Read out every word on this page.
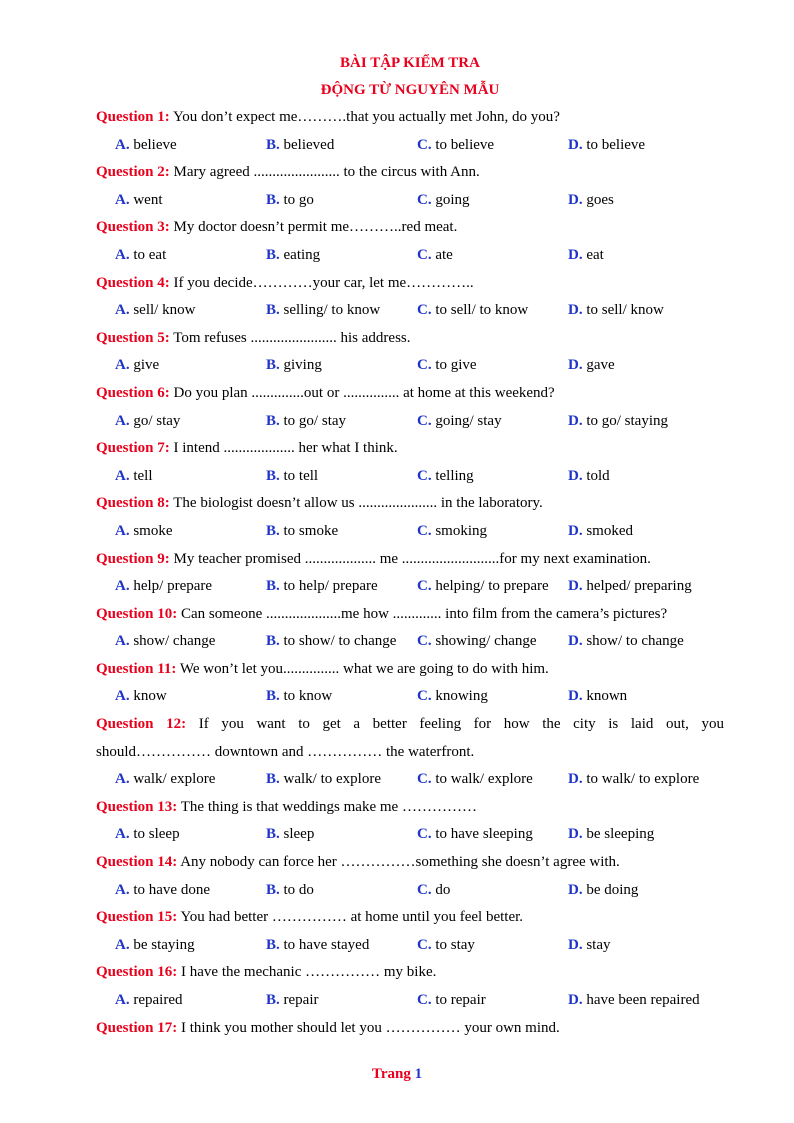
BÀI TẬP KIỂM TRA
ĐỘNG TỪ NGUYÊN MẪU
Question 1: You don’t expect me……….that you actually met John, do you?
A. believe	B. believed	C. to believe	D. to believe
Question 2: Mary agreed ....................... to the circus with Ann.
A. went	B. to go	C. going	D. goes
Question 3: My doctor doesn’t permit me………..red meat.
A. to eat	B. eating	C. ate	D. eat
Question 4: If you decide…………your car, let me…………..
A. sell/ know	B. selling/ to know	C. to sell/ to know	D. to sell/ know
Question 5: Tom refuses ....................... his address.
A. give	B. giving	C. to give	D. gave
Question 6: Do you plan ..............out or ............... at home at this weekend?
A. go/ stay	B. to go/ stay	C. going/ stay	D. to go/ staying
Question 7: I intend ................... her what I think.
A. tell	B. to tell	C. telling	D. told
Question 8: The biologist doesn’t allow us ..................... in the laboratory.
A. smoke	B. to smoke	C. smoking	D. smoked
Question 9: My teacher promised ................... me ..........................for my next examination.
A. help/ prepare	B. to help/ prepare	C. helping/ to prepare	D. helped/ preparing
Question 10: Can someone ....................me how ............. into film from the camera’s pictures?
A. show/ change	B. to show/ to change	C. showing/ change	D. show/ to change
Question 11: We won’t let you............... what we are going to do with him.
A. know	B. to know	C. knowing	D. known
Question 12: If you want to get a better feeling for how the city is laid out, you
should…………… downtown and …………… the waterfront.
A. walk/ explore	B. walk/ to explore	C. to walk/ explore	D. to walk/ to explore
Question 13: The thing is that weddings make me ……………
A. to sleep	B. sleep	C. to have sleeping	D. be sleeping
Question 14: Any nobody can force her ……………something she doesn’t agree with.
A. to have done	B. to do	C. do	D. be doing
Question 15: You had better …………… at home until you feel better.
A. be staying	B. to have stayed	C. to stay	D. stay
Question 16: I have the mechanic …………… my bike.
A. repaired	B. repair	C. to repair	D. have been repaired
Question 17: I think you mother should let you …………… your own mind.
Trang 1
